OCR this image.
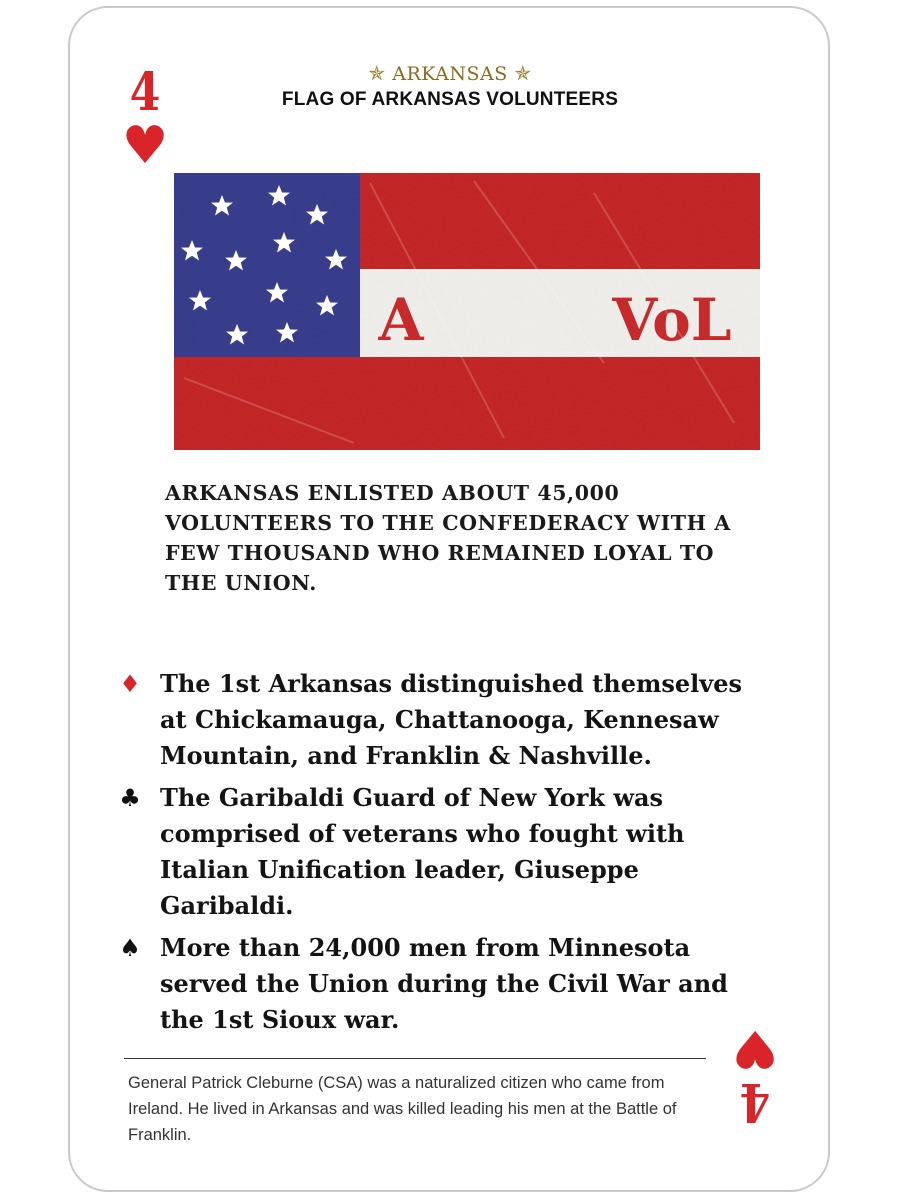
4
♥
4
♥
✯ ARKANSAS ✯
FLAG OF ARKANSAS VOLUNTEERS
A	VoL
ARKANSAS ENLISTED ABOUT 45,000 VOLUNTEERS TO THE CONFEDERACY WITH A FEW THOUSAND WHO REMAINED LOYAL TO THE UNION.
♦ The 1st Arkansas distinguished themselves at Chickamauga, Chattanooga, Kennesaw Mountain, and Franklin & Nashville.
♣ The Garibaldi Guard of New York was comprised of veterans who fought with Italian Unification leader, Giuseppe Garibaldi.
♠ More than 24,000 men from Minnesota served the Union during the Civil War and the 1st Sioux war.
General Patrick Cleburne (CSA) was a naturalized citizen who came from Ireland. He lived in Arkansas and was killed leading his men at the Battle of Franklin.
